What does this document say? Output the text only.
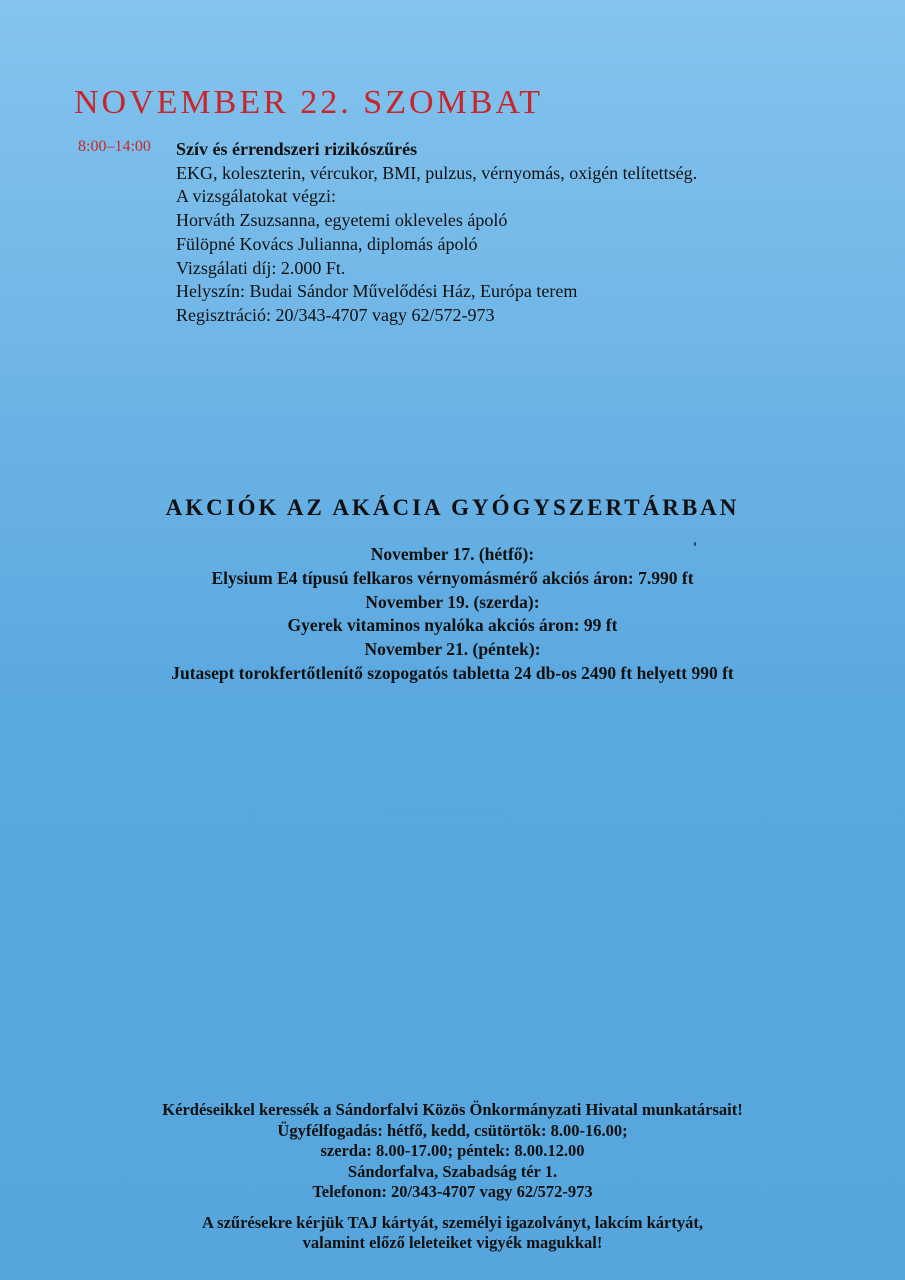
NOVEMBER 22. SZOMBAT
8:00–14:00 Szív és érrendszeri rizikószűrés

EKG, koleszterin, vércukor, BMI, pulzus, vérnyomás, oxigén telítettség.

A vizsgálatokat végzi:

Horváth Zsuzsanna, egyetemi okleveles ápoló

Fülöpné Kovács Julianna, diplomás ápoló

Vizsgálati díj: 2.000 Ft.

Helyszín: Budai Sándor Művelődési Ház, Európa terem

Regisztráció: 20/343-4707 vagy 62/572-973

AKCIÓK AZ AKÁCIA GYÓGYSZERTÁRBAN

November 17. (hétfő):

Elysium E4 típusú felkaros vérnyomásmérő akciós áron: 7.990 ft

November 19. (szerda):

Gyerek vitaminos nyalóka akciós áron: 99 ft

November 21. (péntek):

Jutasept torokfertőtlenítő szopogatós tabletta 24 db-os 2490 ft helyett 990 ft

Kérdéseikkel keressék a Sándorfalvi Közös Önkormányzati Hivatal munkatársait!

Ügyfélfogadás: hétfő, kedd, csütörtök: 8.00-16.00;

szerda: 8.00-17.00; péntek: 8.00.12.00

Sándorfalva, Szabadság tér 1.

Telefonon: 20/343-4707 vagy 62/572-973

A szűrésekre kérjük TAJ kártyát, személyi igazolványt, lakcím kártyát,

valamint előző leleteiket vigyék magukkal!
